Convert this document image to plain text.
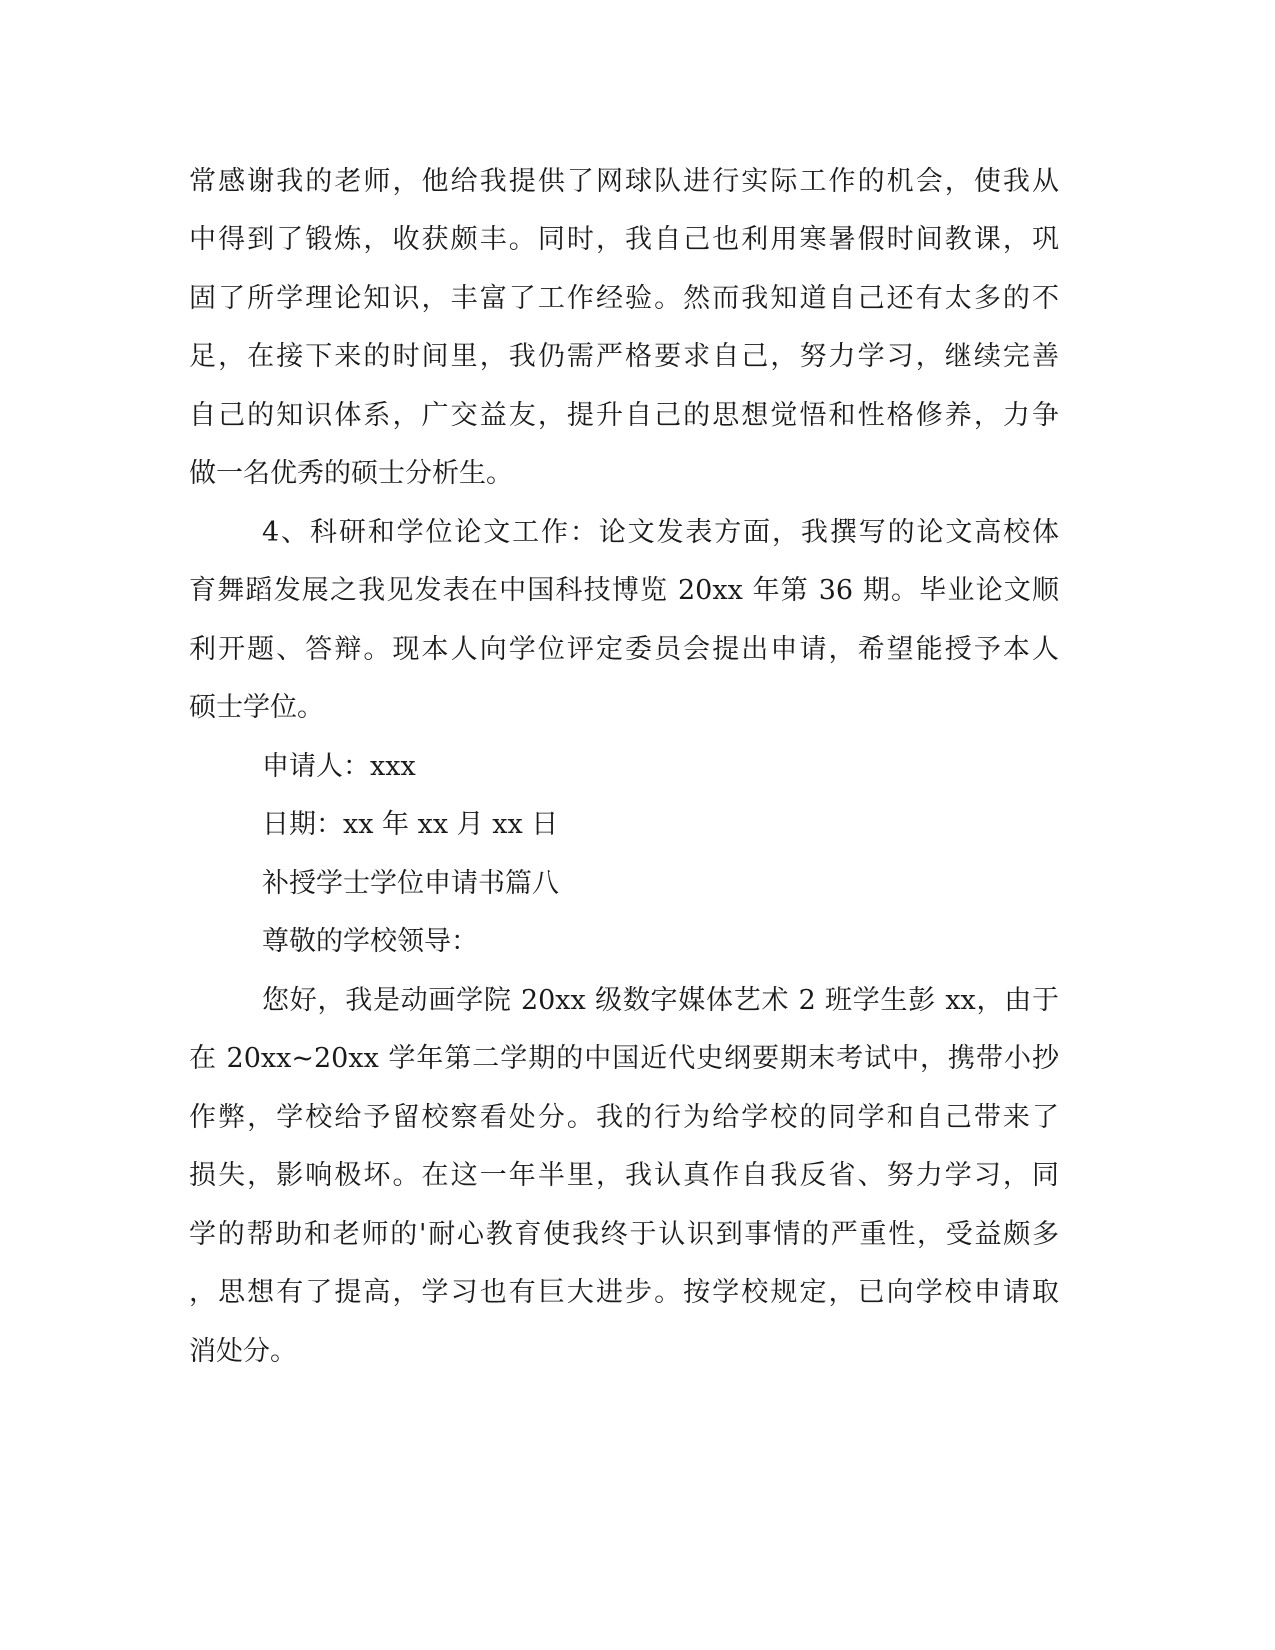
常感谢我的老师，他给我提供了网球队进行实际工作的机会，使我从
中得到了锻炼，收获颇丰。同时，我自己也利用寒暑假时间教课，巩
固了所学理论知识，丰富了工作经验。然而我知道自己还有太多的不
足，在接下来的时间里，我仍需严格要求自己，努力学习，继续完善
自己的知识体系，广交益友，提升自己的思想觉悟和性格修养，力争
做一名优秀的硕士分析生。
4、科研和学位论文工作：论文发表方面，我撰写的论文高校体
育舞蹈发展之我见发表在中国科技博览 20xx 年第 36 期。毕业论文顺
利开题、答辩。现本人向学位评定委员会提出申请，希望能授予本人
硕士学位。
申请人：xxx
日期：xx 年 xx 月 xx 日
补授学士学位申请书篇八
尊敬的学校领导：
您好，我是动画学院 20xx 级数字媒体艺术 2 班学生彭 xx，由于
在 20xx~20xx 学年第二学期的中国近代史纲要期末考试中，携带小抄
作弊，学校给予留校察看处分。我的行为给学校的同学和自己带来了
损失，影响极坏。在这一年半里，我认真作自我反省、努力学习，同
学的帮助和老师的'耐心教育使我终于认识到事情的严重性，受益颇多
，思想有了提高，学习也有巨大进步。按学校规定，已向学校申请取
消处分。
